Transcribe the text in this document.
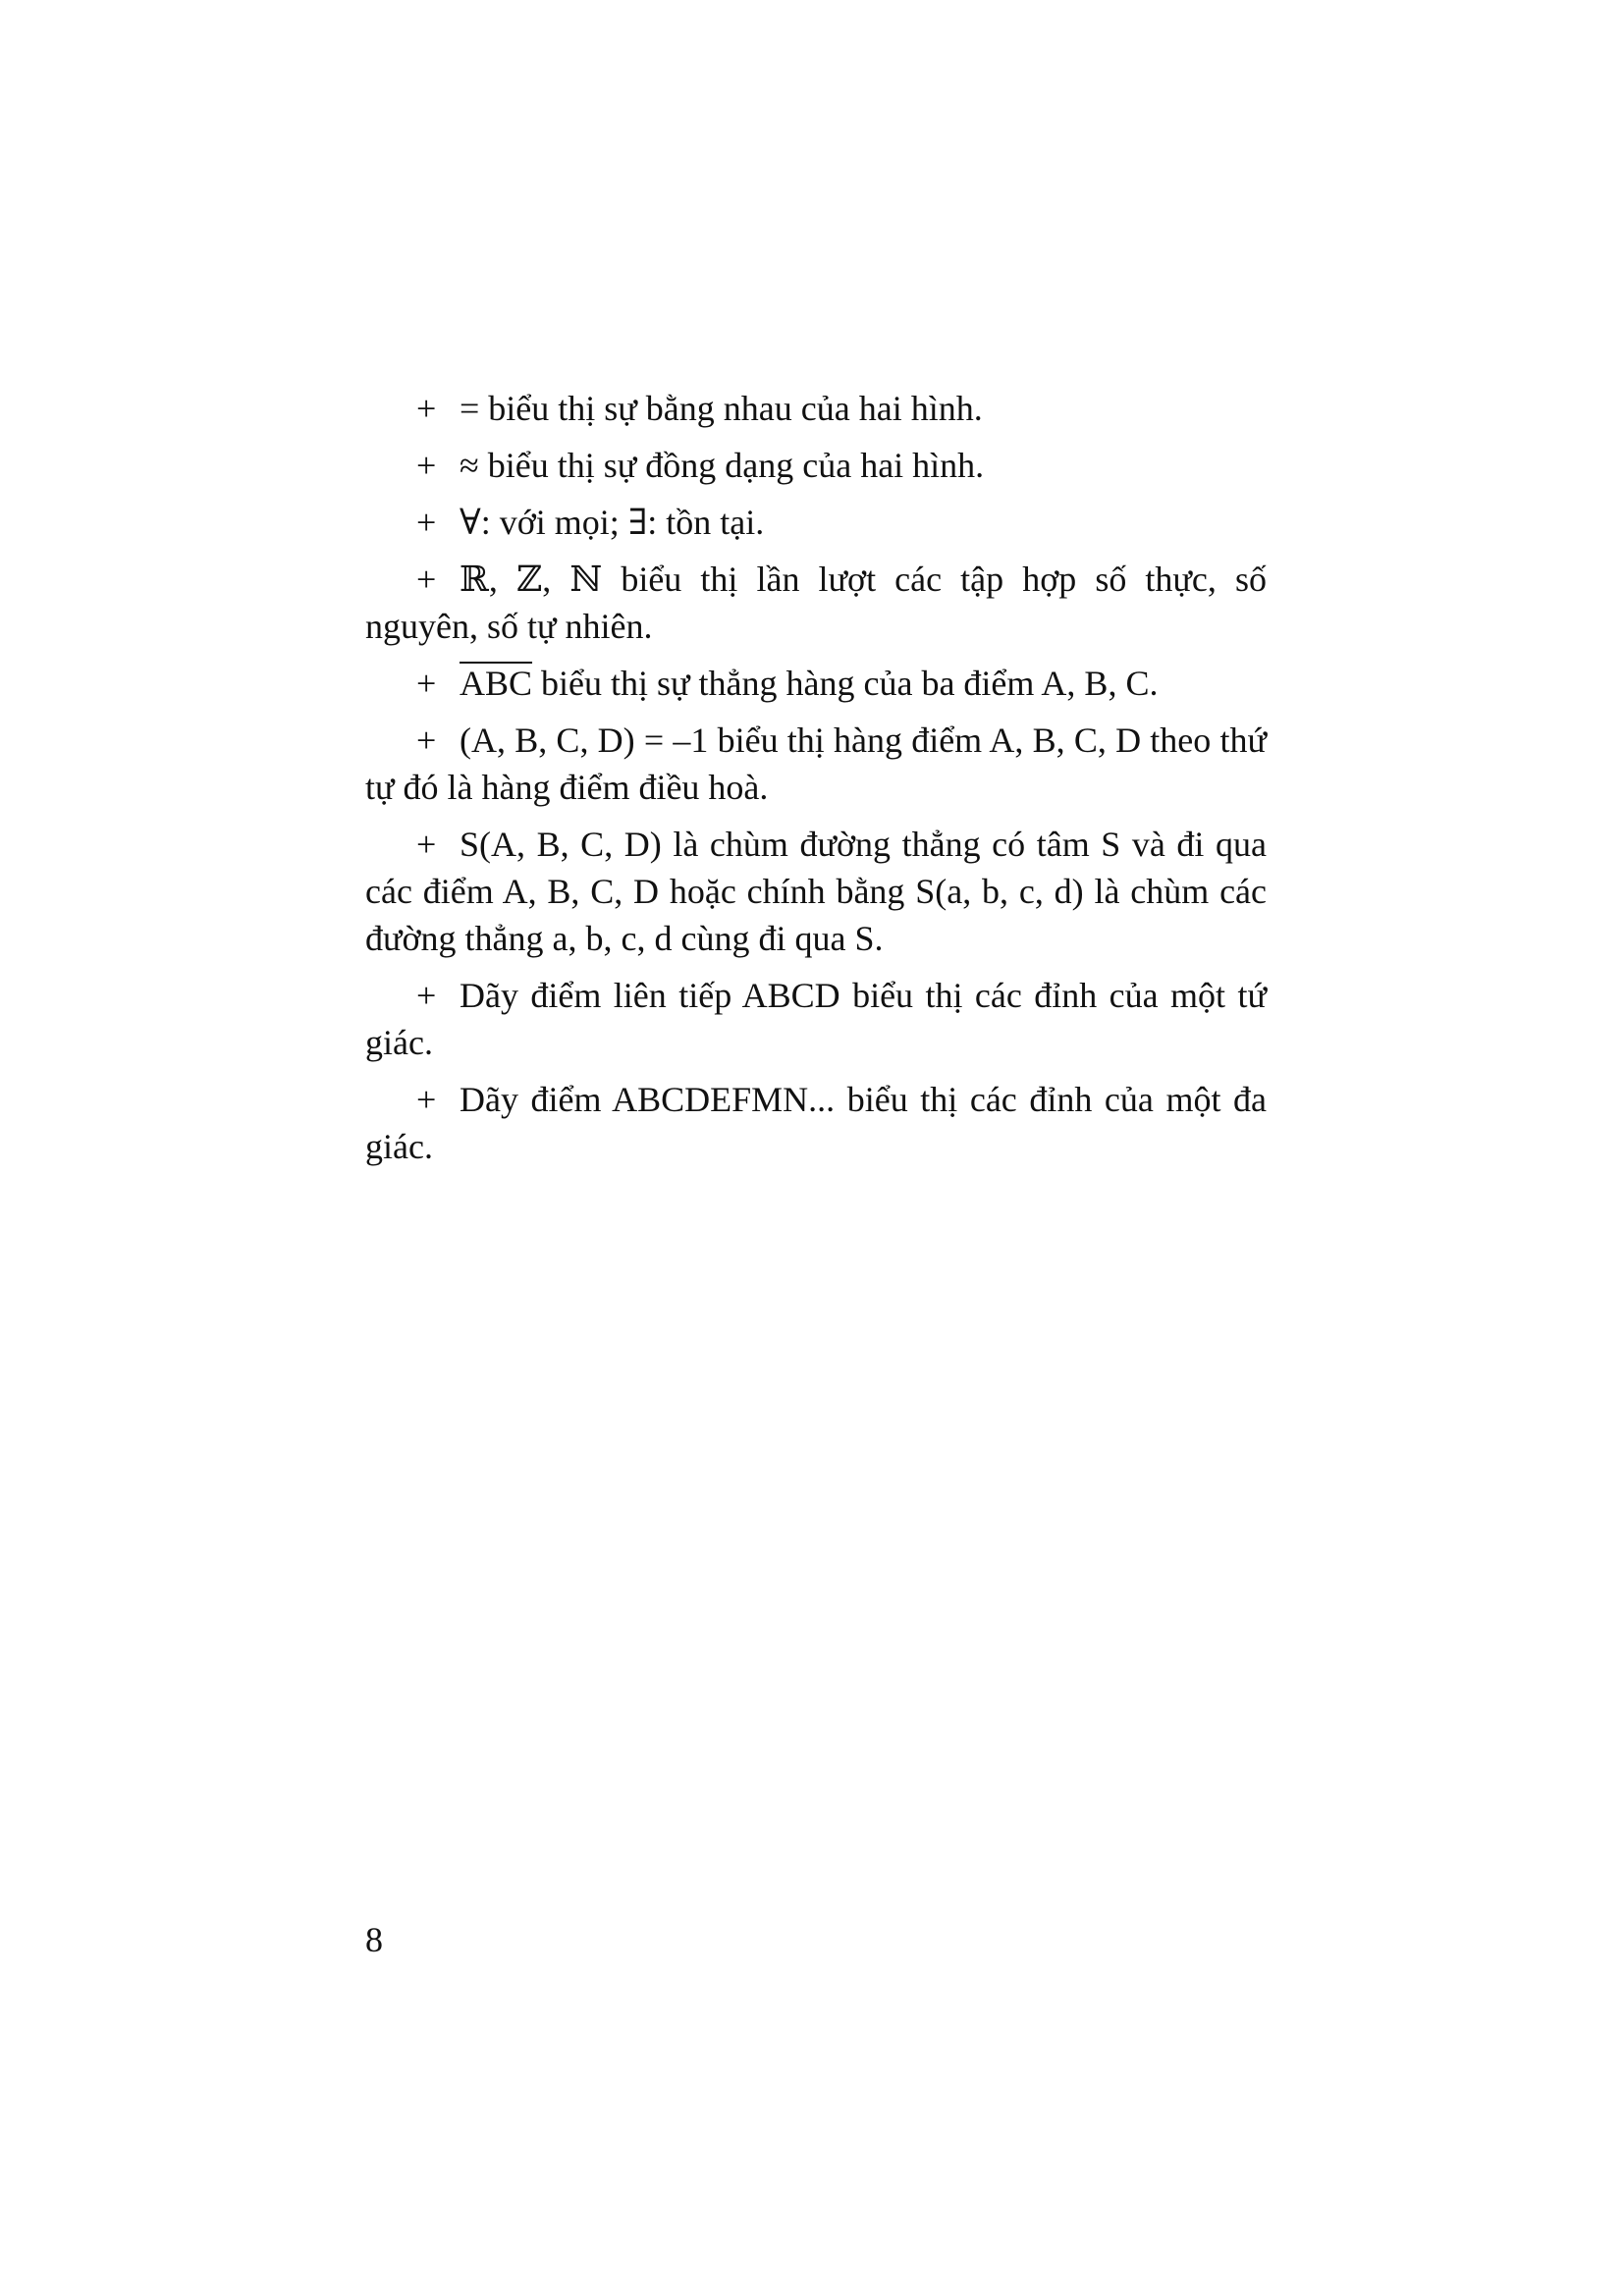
+ = biểu thị sự bằng nhau của hai hình.

+ ≈ biểu thị sự đồng dạng của hai hình.

+ ∀: với mọi; ∃: tồn tại.

+ ℝ, ℤ, ℕ biểu thị lần lượt các tập hợp số thực, số nguyên, số tự nhiên.

+ $\overline{ABC}$ biểu thị sự thẳng hàng của ba điểm A, B, C.

+ (A, B, C, D) = –1 biểu thị hàng điểm A, B, C, D theo thứ tự đó là hàng điểm điều hoà.

+ S(A, B, C, D) là chùm đường thẳng có tâm S và đi qua các điểm A, B, C, D hoặc chính bằng S(a, b, c, d) là chùm các đường thẳng a, b, c, d cùng đi qua S.

+ Dãy điểm liên tiếp ABCD biểu thị các đỉnh của một tứ giác.

+ Dãy điểm ABCDEFMN... biểu thị các đỉnh của một đa giác.

8
